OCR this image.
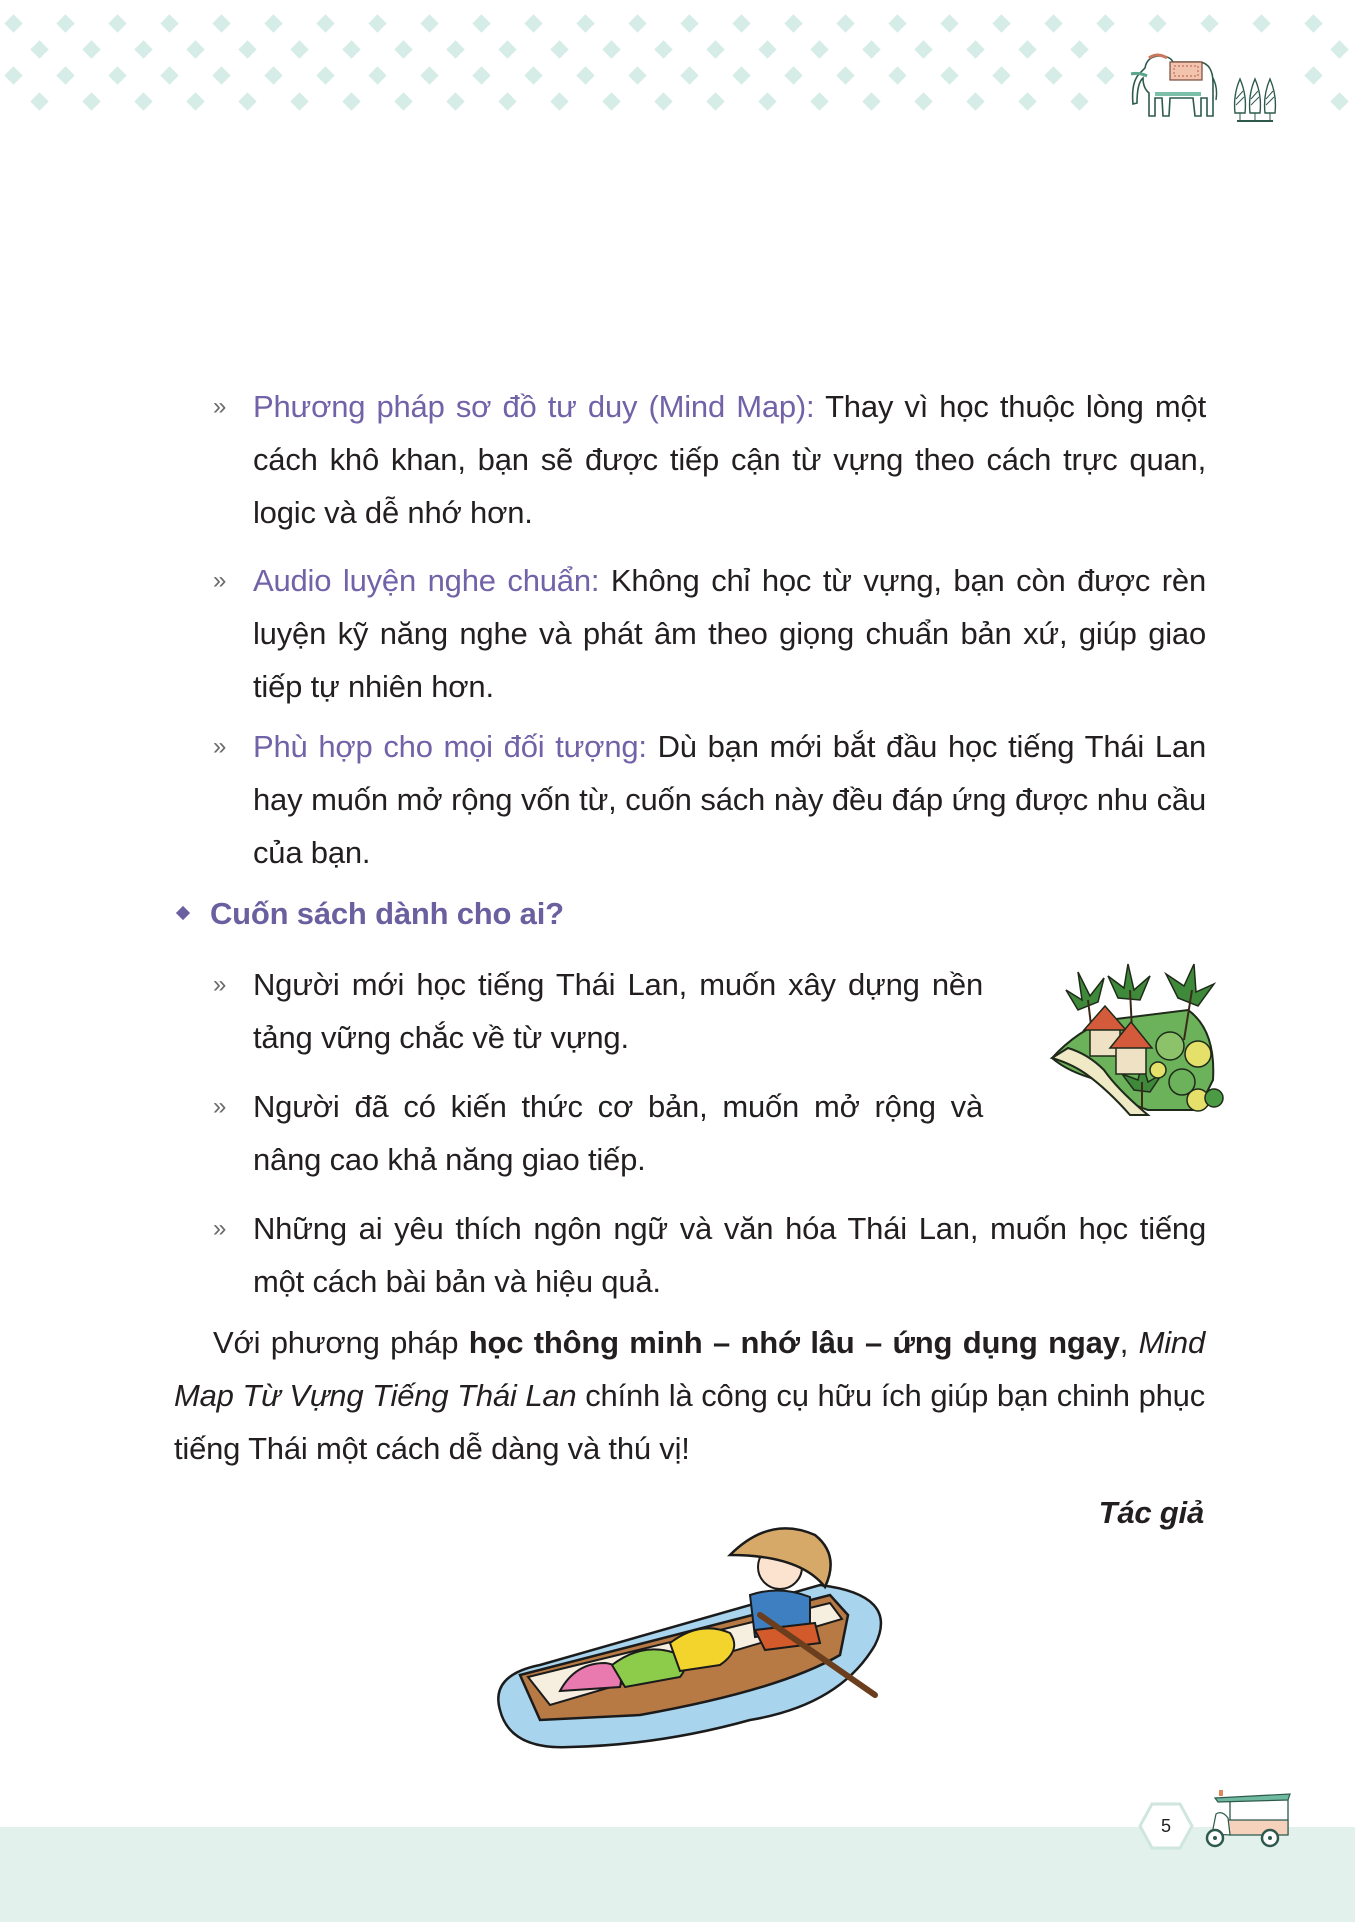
» Phương pháp sơ đồ tư duy (Mind Map): Thay vì học thuộc lòng một cách khô khan, bạn sẽ được tiếp cận từ vựng theo cách trực quan, logic và dễ nhớ hơn.
» Audio luyện nghe chuẩn: Không chỉ học từ vựng, bạn còn được rèn luyện kỹ năng nghe và phát âm theo giọng chuẩn bản xứ, giúp giao tiếp tự nhiên hơn.
» Phù hợp cho mọi đối tượng: Dù bạn mới bắt đầu học tiếng Thái Lan hay muốn mở rộng vốn từ, cuốn sách này đều đáp ứng được nhu cầu của bạn.
Cuốn sách dành cho ai?
» Người mới học tiếng Thái Lan, muốn xây dựng nền tảng vững chắc về từ vựng.
» Người đã có kiến thức cơ bản, muốn mở rộng và nâng cao khả năng giao tiếp.
» Những ai yêu thích ngôn ngữ và văn hóa Thái Lan, muốn học tiếng một cách bài bản và hiệu quả.
Với phương pháp học thông minh – nhớ lâu – ứng dụng ngay, Mind Map Từ Vựng Tiếng Thái Lan chính là công cụ hữu ích giúp bạn chinh phục tiếng Thái một cách dễ dàng và thú vị!
Tác giả
5
